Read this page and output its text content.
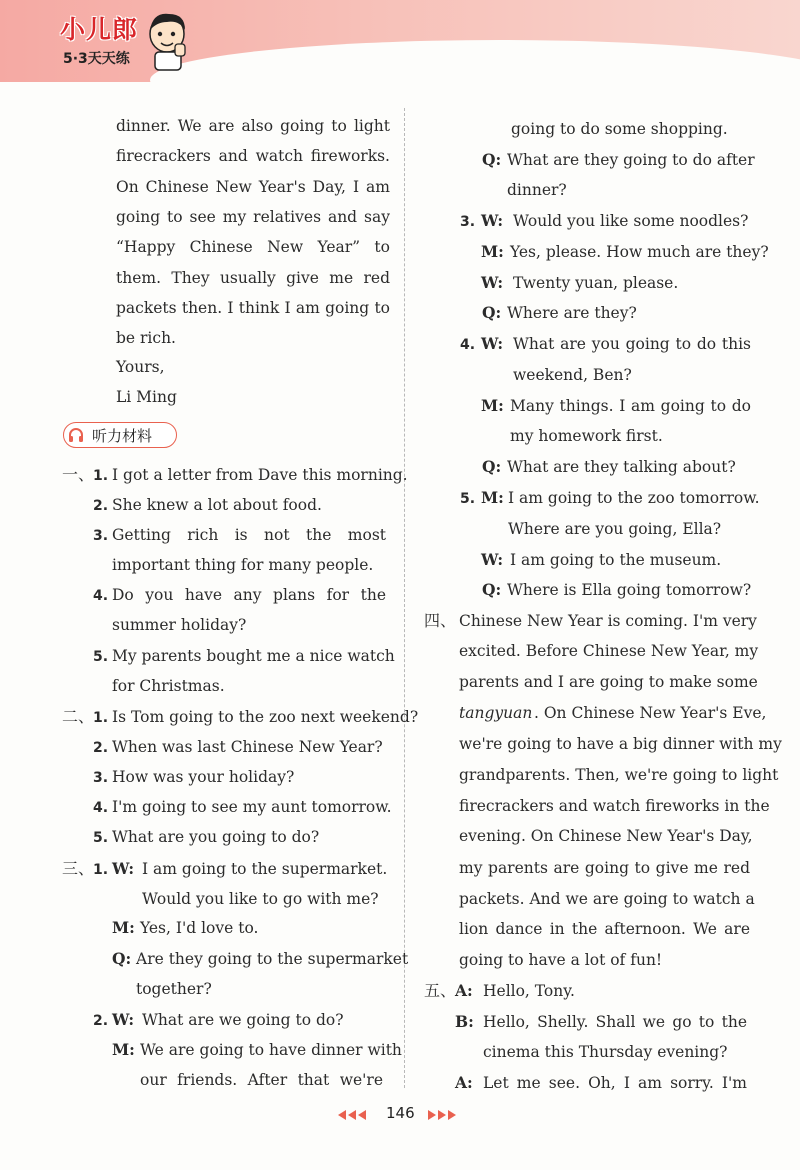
小儿郎
5·3天天练
dinner. We are also going to light
firecrackers and watch fireworks.
On Chinese New Year's Day, I am
going to see my relatives and say
“Happy Chinese New Year” to
them. They usually give me red
packets then. I think I am going to
be rich.
Yours,
Li Ming
听力材料
一、
1. I got a letter from Dave this morning.
2. She knew a lot about food.
3. Getting rich is not the most
important thing for many people.
4. Do you have any plans for the
summer holiday?
5. My parents bought me a nice watch
for Christmas.
二、
1. Is Tom going to the zoo next weekend?
2. When was last Chinese New Year?
3. How was your holiday?
4. I'm going to see my aunt tomorrow.
5. What are you going to do?
三、
1. W: I am going to the supermarket.
Would you like to go with me?
M: Yes, I'd love to.
Q: Are they going to the supermarket
together?
2. W: What are we going to do?
M: We are going to have dinner with
our friends. After that we're
going to do some shopping.
Q: What are they going to do after
dinner?
3. W: Would you like some noodles?
M: Yes, please. How much are they?
W: Twenty yuan, please.
Q: Where are they?
4. W: What are you going to do this
weekend, Ben?
M: Many things. I am going to do
my homework first.
Q: What are they talking about?
5. M: I am going to the zoo tomorrow.
Where are you going, Ella?
W: I am going to the museum.
Q: Where is Ella going tomorrow?
四、 Chinese New Year is coming. I'm very
excited. Before Chinese New Year, my
parents and I are going to make some
tangyuan . On Chinese New Year's Eve,
we're going to have a big dinner with my
grandparents. Then, we're going to light
firecrackers and watch fireworks in the
evening. On Chinese New Year's Day,
my parents are going to give me red
packets. And we are going to watch a
lion dance in the afternoon. We are
going to have a lot of fun!
五、
A: Hello, Tony.
B: Hello, Shelly. Shall we go to the
cinema this Thursday evening?
A: Let me see. Oh, I am sorry. I'm
146
